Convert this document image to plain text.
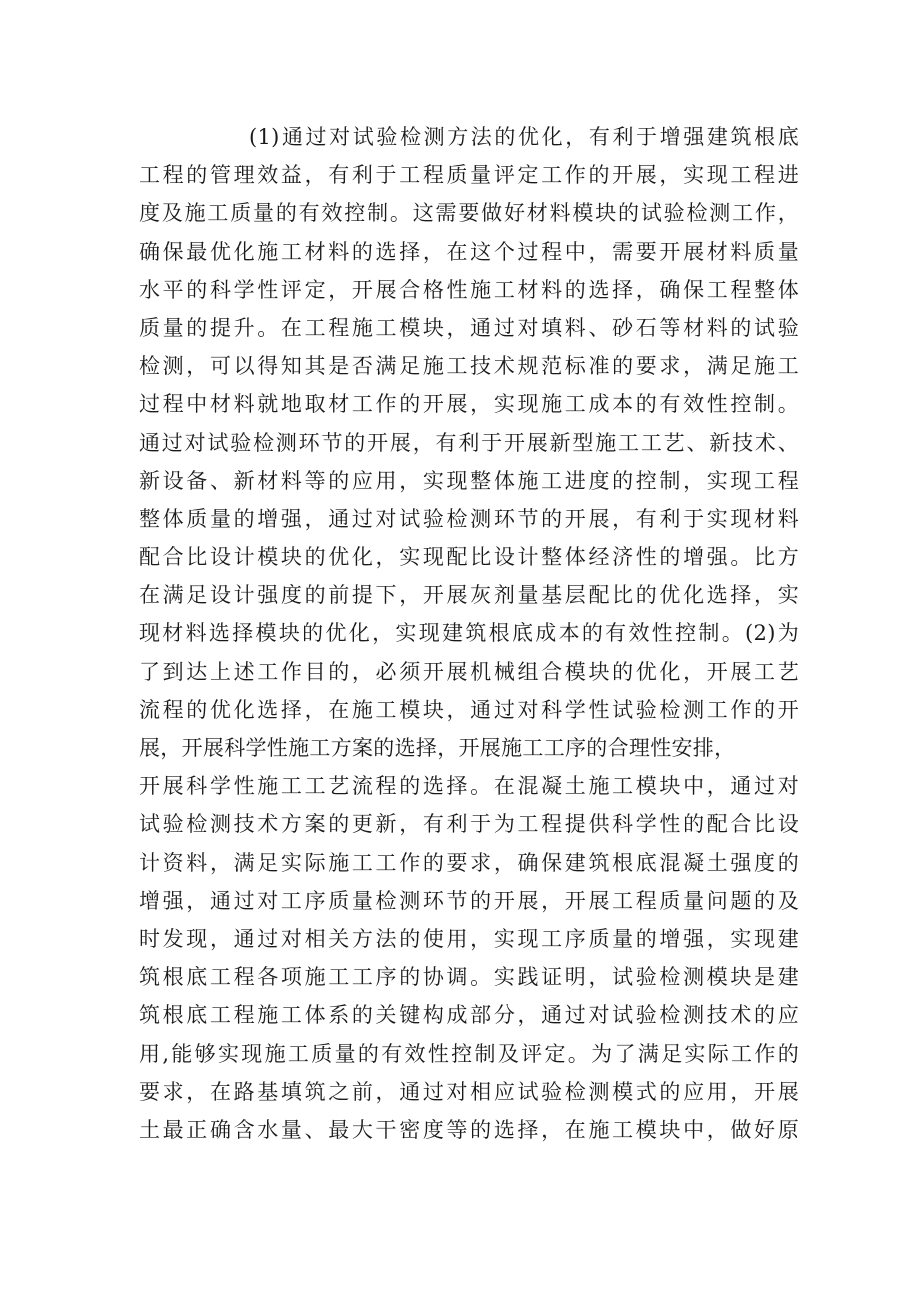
(1)通过对试验检测方法的优化，有利于增强建筑根底
工程的管理效益，有利于工程质量评定工作的开展，实现工程进
度及施工质量的有效控制。这需要做好材料模块的试验检测工作，
确保最优化施工材料的选择，在这个过程中，需要开展材料质量
水平的科学性评定，开展合格性施工材料的选择，确保工程整体
质量的提升。在工程施工模块，通过对填料、砂石等材料的试验
检测，可以得知其是否满足施工技术规范标准的要求，满足施工
过程中材料就地取材工作的开展，实现施工成本的有效性控制。
通过对试验检测环节的开展，有利于开展新型施工工艺、新技术、
新设备、新材料等的应用，实现整体施工进度的控制，实现工程
整体质量的增强，通过对试验检测环节的开展，有利于实现材料
配合比设计模块的优化，实现配比设计整体经济性的增强。比方
在满足设计强度的前提下，开展灰剂量基层配比的优化选择，实
现材料选择模块的优化，实现建筑根底成本的有效性控制。(2)为
了到达上述工作目的，必须开展机械组合模块的优化，开展工艺
流程的优化选择，在施工模块，通过对科学性试验检测工作的开
展，开展科学性施工方案的选择，开展施工工序的合理性安排，
开展科学性施工工艺流程的选择。在混凝土施工模块中，通过对
试验检测技术方案的更新，有利于为工程提供科学性的配合比设
计资料，满足实际施工工作的要求，确保建筑根底混凝土强度的
增强，通过对工序质量检测环节的开展，开展工程质量问题的及
时发现，通过对相关方法的使用，实现工序质量的增强，实现建
筑根底工程各项施工工序的协调。实践证明，试验检测模块是建
筑根底工程施工体系的关键构成部分，通过对试验检测技术的应
用,能够实现施工质量的有效性控制及评定。为了满足实际工作的
要求，在路基填筑之前，通过对相应试验检测模式的应用，开展
土最正确含水量、最大干密度等的选择，在施工模块中，做好原
